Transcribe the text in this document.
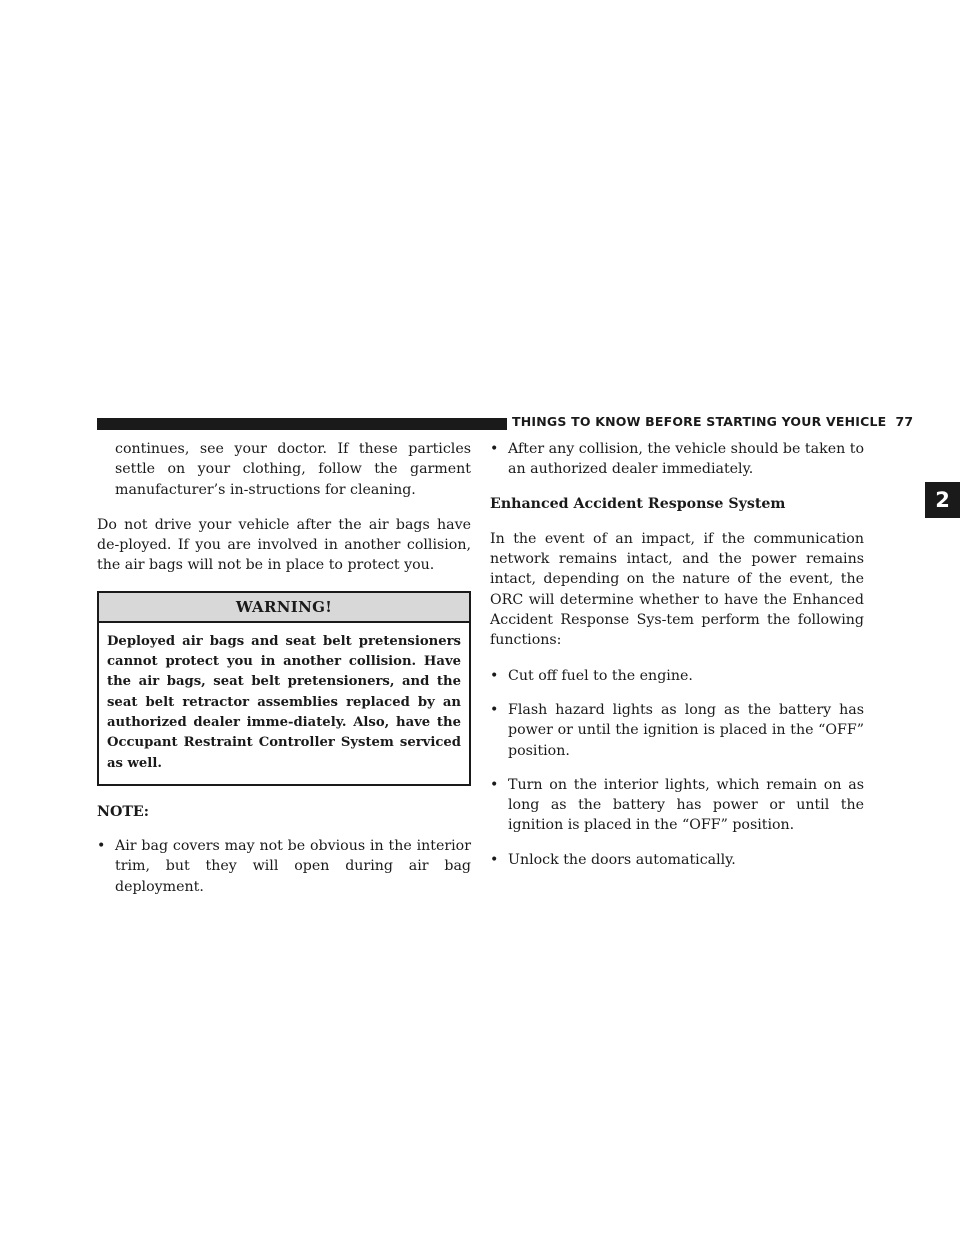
THINGS TO KNOW BEFORE STARTING YOUR VEHICLE 77
2

continues, see your doctor. If these particles settle on your clothing, follow the garment manufacturer’s in-structions for cleaning.

Do not drive your vehicle after the air bags have de-ployed. If you are involved in another collision, the air bags will not be in place to protect you.

WARNING!
Deployed air bags and seat belt pretensioners cannot protect you in another collision. Have the air bags, seat belt pretensioners, and the seat belt retractor assemblies replaced by an authorized dealer imme-diately. Also, have the Occupant Restraint Controller System serviced as well.

NOTE:

• Air bag covers may not be obvious in the interior trim, but they will open during air bag deployment.
• After any collision, the vehicle should be taken to an authorized dealer immediately.

Enhanced Accident Response System

In the event of an impact, if the communication network remains intact, and the power remains intact, depending on the nature of the event, the ORC will determine whether to have the Enhanced Accident Response Sys-tem perform the following functions:

• Cut off fuel to the engine.
• Flash hazard lights as long as the battery has power or until the ignition is placed in the “OFF” position.
• Turn on the interior lights, which remain on as long as the battery has power or until the ignition is placed in the “OFF” position.
• Unlock the doors automatically.
